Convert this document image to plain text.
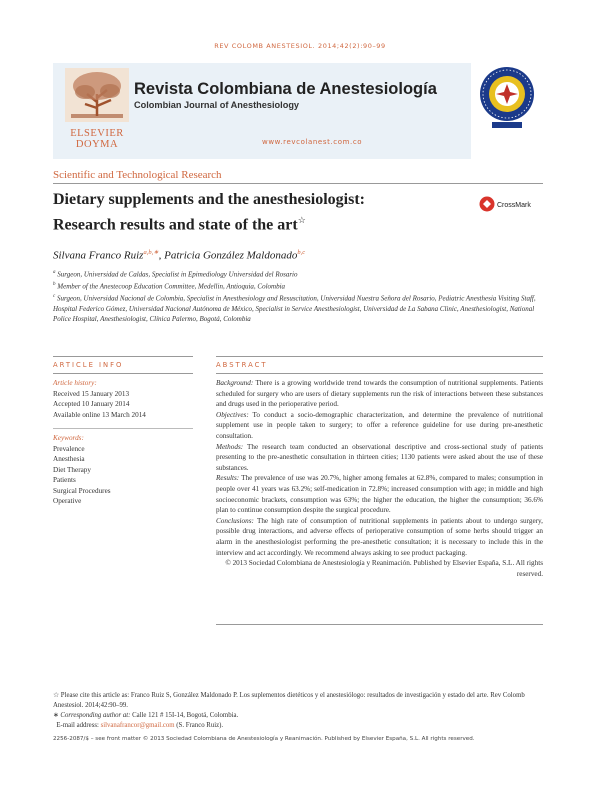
REV COLOMB ANESTESIOL. 2014;42(2):90–99
ELSEVIER
DOYMA
Revista Colombiana de Anestesiología
Colombian Journal of Anesthesiology
www.revcolanest.com.co
Scientific and Technological Research
Dietary supplements and the anesthesiologist:
Research results and state of the art☆
CrossMark
Silvana Franco Ruiz$^{a,b,∗}$, Patricia González Maldonado$^{b,c}$
$^a$ Surgeon, Universidad de Caldas, Specialist in Epimediology Universidad del Rosario
$^b$ Member of the Anestecoop Education Committee, Medellin, Antioquia, Colombia
$^c$ Surgeon, Universidad Nacional de Colombia, Specialist in Anesthesiology and Resuscitation, Universidad Nuestra Señora del Rosario, Pediatric Anesthesia Visiting Staff, Hospital Federico Gómez, Universidad Nacional Autónoma de México, Specialist in Service Anesthesiologist, Universidad de La Sabana Clinic, Anesthesiologist, National Police Hospital, Anesthesiologist, Clínica Palermo, Bogotá, Colombia
ARTICLE INFO	ABSTRACT
Article history:
Received 15 January 2013
Accepted 10 January 2014
Available online 13 March 2014
Keywords:
Prevalence
Anesthesia
Diet Therapy
Patients
Surgical Procedures
Operative

Background: There is a growing worldwide trend towards the consumption of nutritional supplements. Patients scheduled for surgery who are users of dietary supplements run the risk of interactions between these substances and drugs used in the perioperative period.

Objectives: To conduct a socio-demographic characterization, and determine the prevalence of nutritional supplement use in people taken to surgery; to offer a reference guideline for use during pre-anesthetic consultation.

Methods: The research team conducted an observational descriptive and cross-sectional study of patients presenting to the pre-anesthetic consultation in thirteen cities; 1130 patients were asked about the use of these substances.

Results: The prevalence of use was 20.7%, higher among females at 62.8%, compared to males; consumption in people over 41 years was 63.2%; self-medication in 72.8%; increased consumption with age; in middle and high socioeconomic brackets, consumption was 63%; the higher the education, the higher the consumption; 36.6% plan to continue consumption despite the surgical procedure.

Conclusions: The high rate of consumption of nutritional supplements in patients about to undergo surgery, possible drug interactions, and adverse effects of perioperative consumption of some herbs should trigger an alarm in the anesthesiologist performing the pre-anesthetic consultation; it is necessary to include this in the interview and act accordingly. We recommend always asking to see product packaging.

© 2013 Sociedad Colombiana de Anestesiología y Reanimación. Published by Elsevier España, S.L. All rights reserved.

☆ Please cite this article as: Franco Ruiz S, González Maldonado P. Los suplementos dietéticos y el anestesiólogo: resultados de investigación y estado del arte. Rev Colomb Anestesiol. 2014;42:90–99.

∗ Corresponding author at: Calle 121 # 15I-14, Bogotá, Colombia.

E-mail address: silvanafrancor@gmail.com (S. Franco Ruiz).

2256-2087/$ – see front matter © 2013 Sociedad Colombiana de Anestesiología y Reanimación. Published by Elsevier España, S.L. All rights reserved.
